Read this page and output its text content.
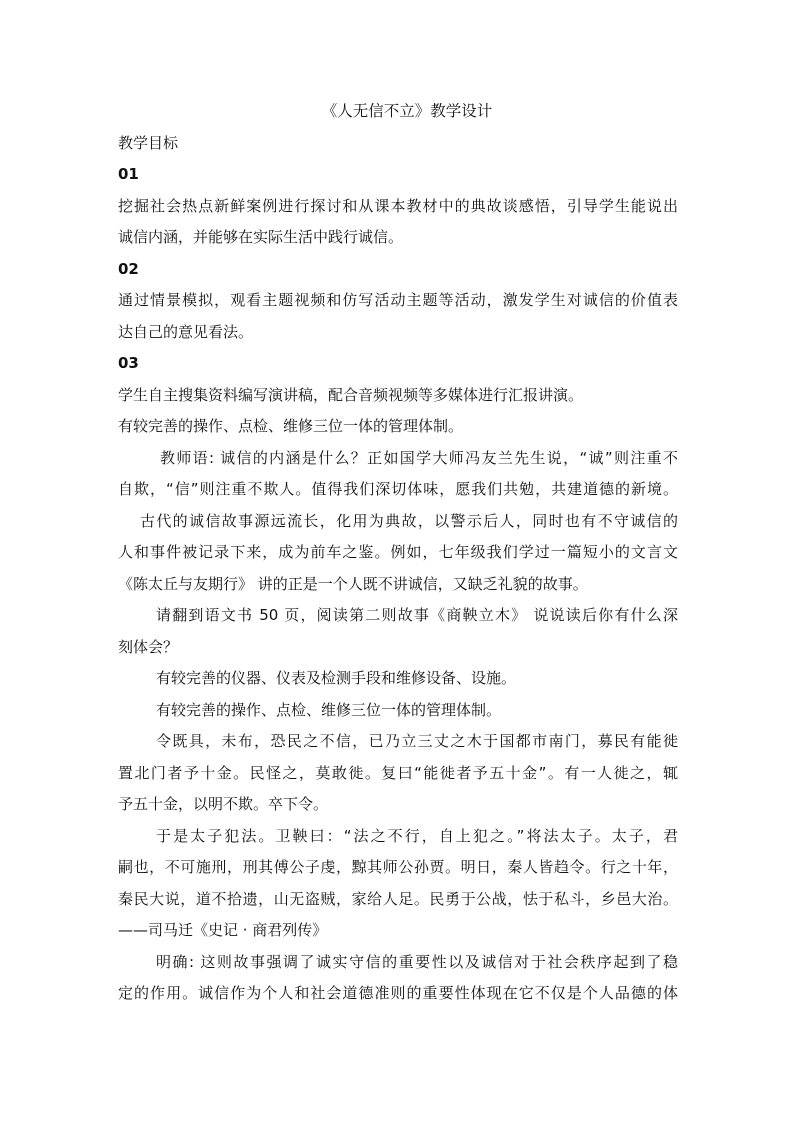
《人无信不立》教学设计
教学目标
01
挖掘社会热点新鲜案例进行探讨和从课本教材中的典故谈感悟，引导学生能说出
诚信内涵，并能够在实际生活中践行诚信。
02
通过情景模拟，观看主题视频和仿写活动主题等活动，激发学生对诚信的价值表
达自己的意见看法。
03
学生自主搜集资料编写演讲稿，配合音频视频等多媒体进行汇报讲演。
有较完善的操作、点检、维修三位一体的管理体制。
教师语: 诚信的内涵是什么？正如国学大师冯友兰先生说，“诚”则注重不
自欺，“信”则注重不欺人。值得我们深切体味，愿我们共勉，共建道德的新境。
古代的诚信故事源远流长，化用为典故，以警示后人，同时也有不守诚信的
人和事件被记录下来，成为前车之鉴。例如，七年级我们学过一篇短小的文言文
《陈太丘与友期行》 讲的正是一个人既不讲诚信，又缺乏礼貌的故事。
请翻到语文书 50 页，阅读第二则故事《商鞅立木》 说说读后你有什么深
刻体会？
有较完善的仪器、仪表及检测手段和维修设备、设施。
有较完善的操作、点检、维修三位一体的管理体制。
令既具，未布，恐民之不信，已乃立三丈之木于国都市南门，募民有能徙
置北门者予十金。民怪之，莫敢徙。复曰“能徙者予五十金”。有一人徙之，辄
予五十金，以明不欺。卒下令。
于是太子犯法。卫鞅曰：“法之不行，自上犯之。”将法太子。太子，君
嗣也，不可施刑，刑其傅公子虔，黥其师公孙贾。明日，秦人皆趋令。行之十年，
秦民大说，道不拾遗，山无盗贼，家给人足。民勇于公战，怯于私斗，乡邑大治。
——司马迁《史记 · 商君列传》
明确: 这则故事强调了诚实守信的重要性以及诚信对于社会秩序起到了稳
定的作用。诚信作为个人和社会道德准则的重要性体现在它不仅是个人品德的体
